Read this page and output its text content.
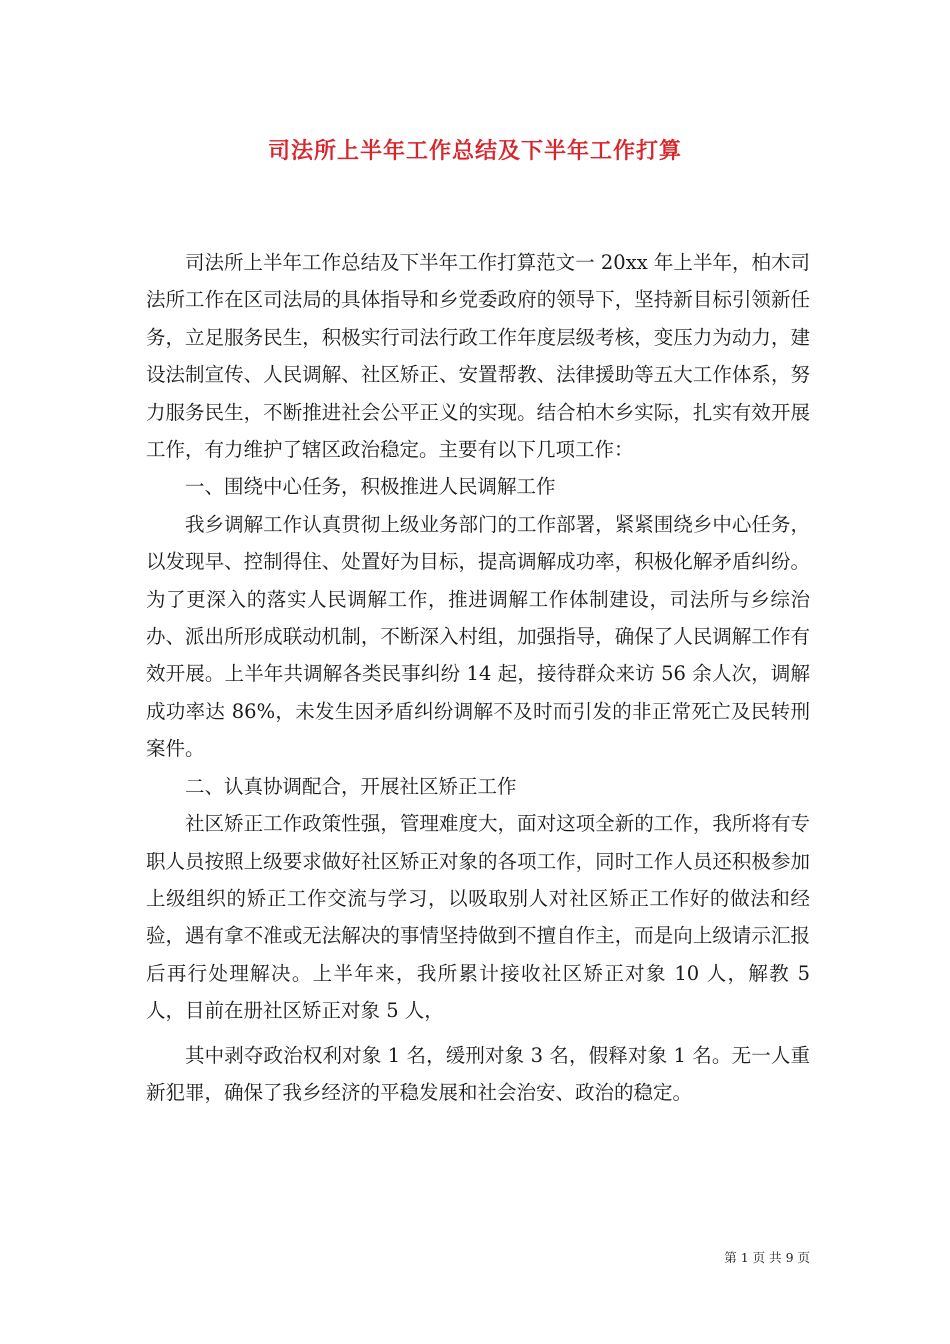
司法所上半年工作总结及下半年工作打算

司法所上半年工作总结及下半年工作打算范文一 20xx 年上半年，柏木司法所工作在区司法局的具体指导和乡党委政府的领导下，坚持新目标引领新任务，立足服务民生，积极实行司法行政工作年度层级考核，变压力为动力，建设法制宣传、人民调解、社区矫正、安置帮教、法律援助等五大工作体系，努力服务民生，不断推进社会公平正义的实现。结合柏木乡实际，扎实有效开展工作，有力维护了辖区政治稳定。主要有以下几项工作：

一、围绕中心任务，积极推进人民调解工作

我乡调解工作认真贯彻上级业务部门的工作部署，紧紧围绕乡中心任务，以发现早、控制得住、处置好为目标，提高调解成功率，积极化解矛盾纠纷。为了更深入的落实人民调解工作，推进调解工作体制建设，司法所与乡综治办、派出所形成联动机制，不断深入村组，加强指导，确保了人民调解工作有效开展。上半年共调解各类民事纠纷 14 起，接待群众来访 56 余人次，调解成功率达 86%，未发生因矛盾纠纷调解不及时而引发的非正常死亡及民转刑案件。

二、认真协调配合，开展社区矫正工作

社区矫正工作政策性强，管理难度大，面对这项全新的工作，我所将有专职人员按照上级要求做好社区矫正对象的各项工作，同时工作人员还积极参加上级组织的矫正工作交流与学习，以吸取别人对社区矫正工作好的做法和经验，遇有拿不准或无法解决的事情坚持做到不擅自作主，而是向上级请示汇报后再行处理解决。上半年来，我所累计接收社区矫正对象 10 人，解教 5 人，目前在册社区矫正对象 5 人，

其中剥夺政治权利对象 1 名，缓刑对象 3 名，假释对象 1 名。无一人重新犯罪，确保了我乡经济的平稳发展和社会治安、政治的稳定。

第 1 页 共 9 页
